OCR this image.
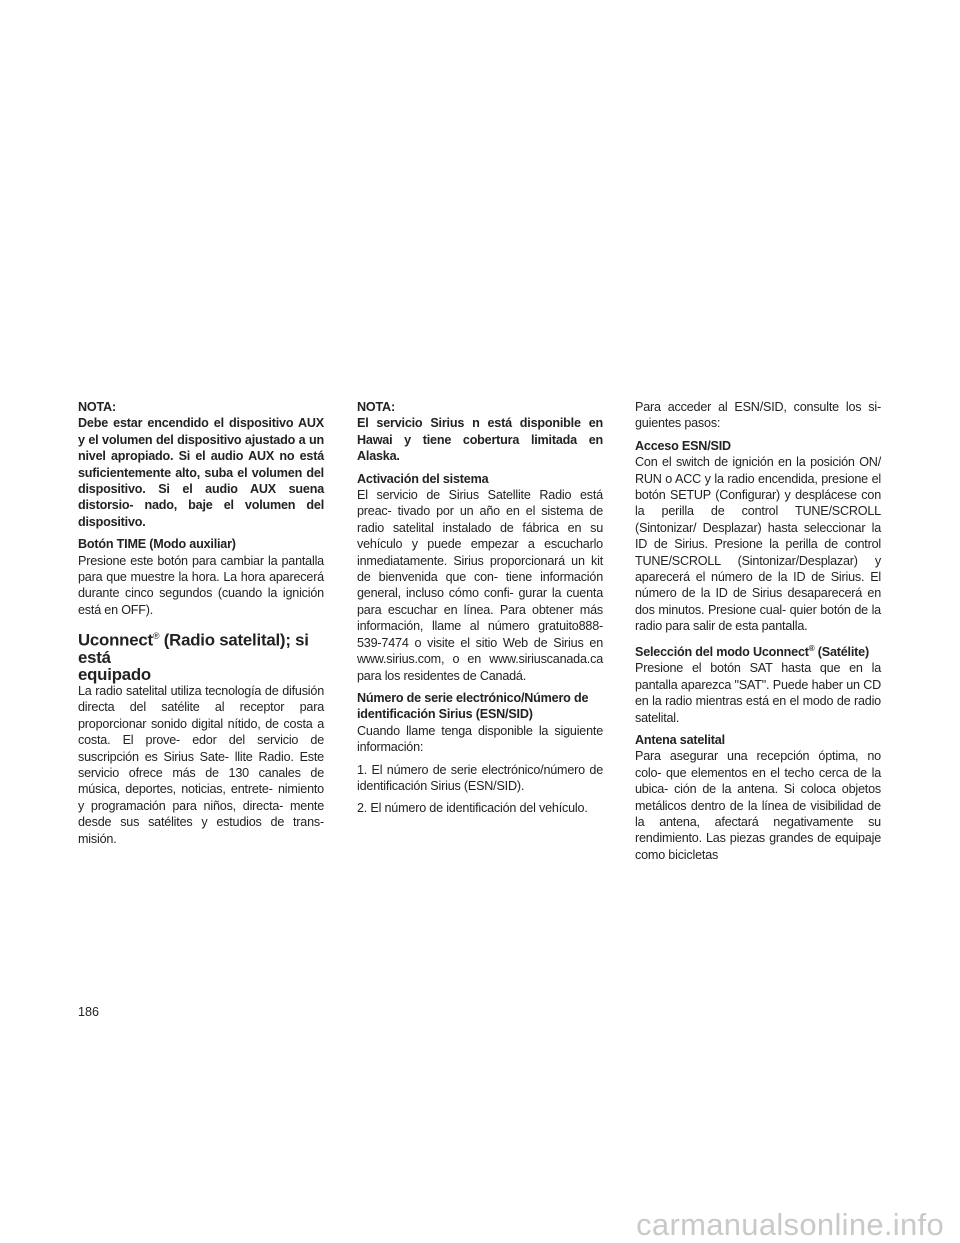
NOTA:

Debe estar encendido el dispositivo AUX y el volumen del dispositivo ajustado a un nivel apropiado. Si el audio AUX no está suficientemente alto, suba el volumen del dispositivo. Si el audio AUX suena distorsio- nado, baje el volumen del dispositivo.

Botón TIME (Modo auxiliar)

Presione este botón para cambiar la pantalla para que muestre la hora. La hora aparecerá durante cinco segundos (cuando la ignición está en OFF).

Uconnect® (Radio satelital); si está
equipado

La radio satelital utiliza tecnología de difusión directa del satélite al receptor para proporcionar sonido digital nítido, de costa a costa. El prove- edor del servicio de suscripción es Sirius Sate- llite Radio. Este servicio ofrece más de 130 canales de música, deportes, noticias, entrete- nimiento y programación para niños, directa- mente desde sus satélites y estudios de trans- misión.

NOTA:

El servicio Sirius n está disponible en Hawai y tiene cobertura limitada en Alaska.

Activación del sistema

El servicio de Sirius Satellite Radio está preac- tivado por un año en el sistema de radio satelital instalado de fábrica en su vehículo y puede empezar a escucharlo inmediatamente. Sirius proporcionará un kit de bienvenida que con- tiene información general, incluso cómo confi- gurar la cuenta para escuchar en línea. Para obtener más información, llame al número gratuito888-539-7474 o visite el sitio Web de Sirius en www.sirius.com, o en www.siriuscanada.ca para los residentes de Canadá.

Número de serie electrónico/Número de
identificación Sirius (ESN/SID)

Cuando llame tenga disponible la siguiente información:

1. El número de serie electrónico/número de identificación Sirius (ESN/SID).

2. El número de identificación del vehículo.

Para acceder al ESN/SID, consulte los si- guientes pasos:

Acceso ESN/SID

Con el switch de ignición en la posición ON/ RUN o ACC y la radio encendida, presione el botón SETUP (Configurar) y desplácese con la perilla de control TUNE/SCROLL (Sintonizar/ Desplazar) hasta seleccionar la ID de Sirius. Presione la perilla de control TUNE/SCROLL (Sintonizar/Desplazar) y aparecerá el número de la ID de Sirius. El número de la ID de Sirius desaparecerá en dos minutos. Presione cual- quier botón de la radio para salir de esta pantalla.

Selección del modo Uconnect® (Satélite)

Presione el botón SAT hasta que en la pantalla aparezca "SAT". Puede haber un CD en la radio mientras está en el modo de radio satelital.

Antena satelital

Para asegurar una recepción óptima, no colo- que elementos en el techo cerca de la ubica- ción de la antena. Si coloca objetos metálicos dentro de la línea de visibilidad de la antena, afectará negativamente su rendimiento. Las piezas grandes de equipaje como bicicletas

186
carmanualsonline.info
